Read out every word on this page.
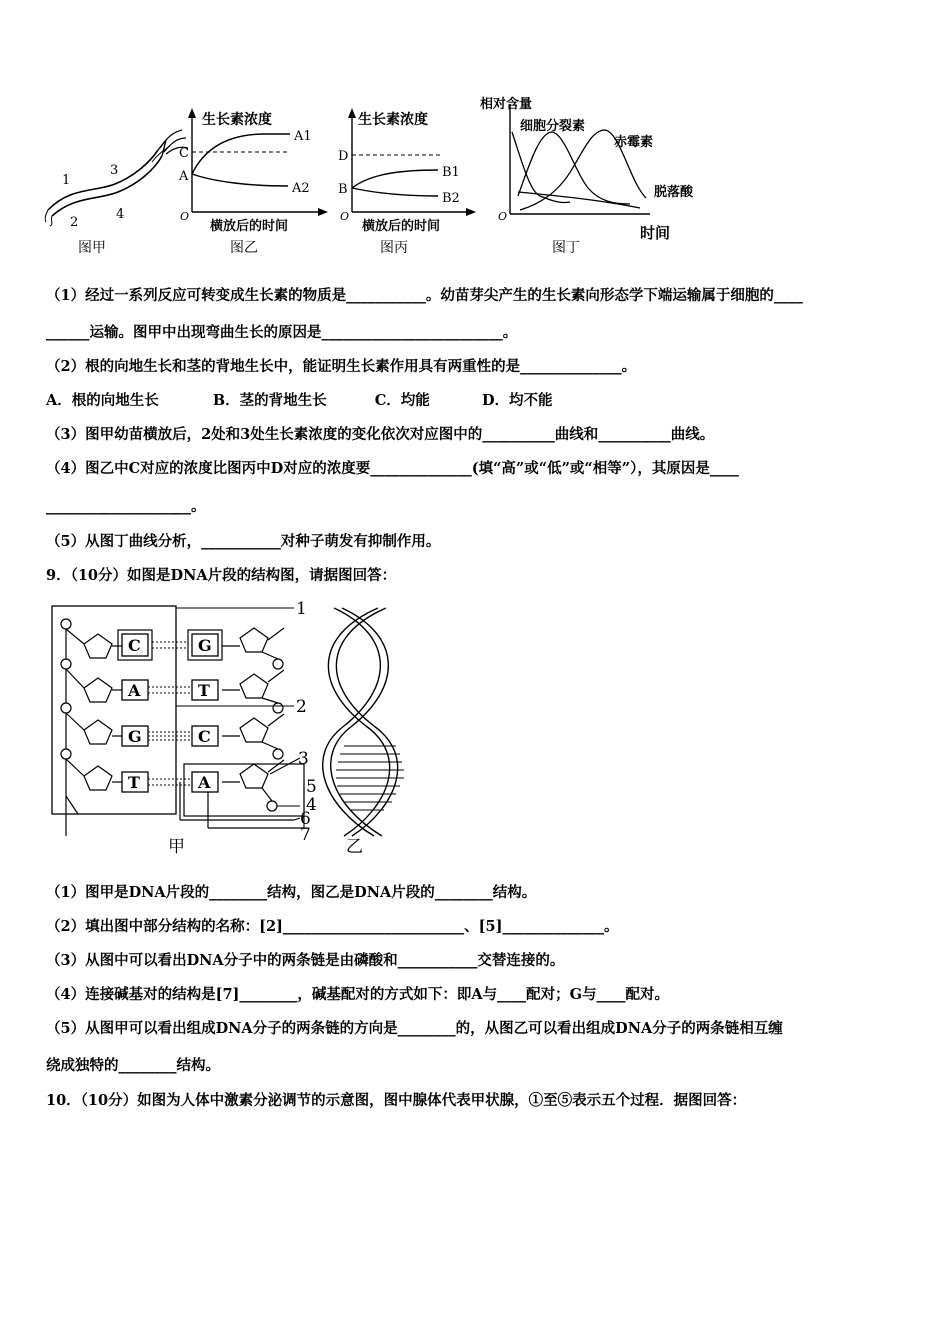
1
2
3
4
图甲
生长素浓度
C
A
A1
A2
O
横放后的时间
图乙
生长素浓度
D
B
B1
B2
O
横放后的时间
图丙
相对含量
细胞分裂素
赤霉素
脱落酸
O
时间
图丁
（1）经过一系列反应可转变成生长素的物质是___________。幼苗芽尖产生的生长素向形态学下端运输属于细胞的____
______运输。图甲中出现弯曲生长的原因是_________________________。
（2）根的向地生长和茎的背地生长中，能证明生长素作用具有两重性的是______________。
A．根的向地生长	B．茎的背地生长	C．均能	D．均不能
（3）图甲幼苗横放后，2处和3处生长素浓度的变化依次对应图中的__________曲线和__________曲线。
（4）图乙中C对应的浓度比图丙中D对应的浓度要______________(填“高”或“低”或“相等”），其原因是____
____________________。
（5）从图丁曲线分析，___________对种子萌发有抑制作用。
9．（10分）如图是DNA片段的结构图，请据图回答：
C
A
G
T
G
T
C
A
1
2
3
5
4
6
7
甲	乙
（1）图甲是DNA片段的________结构，图乙是DNA片段的________结构。
（2）填出图中部分结构的名称：[2]_________________________、[5]______________。
（3）从图中可以看出DNA分子中的两条链是由磷酸和___________交替连接的。
（4）连接碱基对的结构是[7]________，碱基配对的方式如下：即A与____配对；G与____配对。
（5）从图甲可以看出组成DNA分子的两条链的方向是________的，从图乙可以看出组成DNA分子的两条链相互缠
绕成独特的________结构。
10．（10分）如图为人体中激素分泌调节的示意图，图中腺体代表甲状腺，①至⑤表示五个过程．据图回答：
